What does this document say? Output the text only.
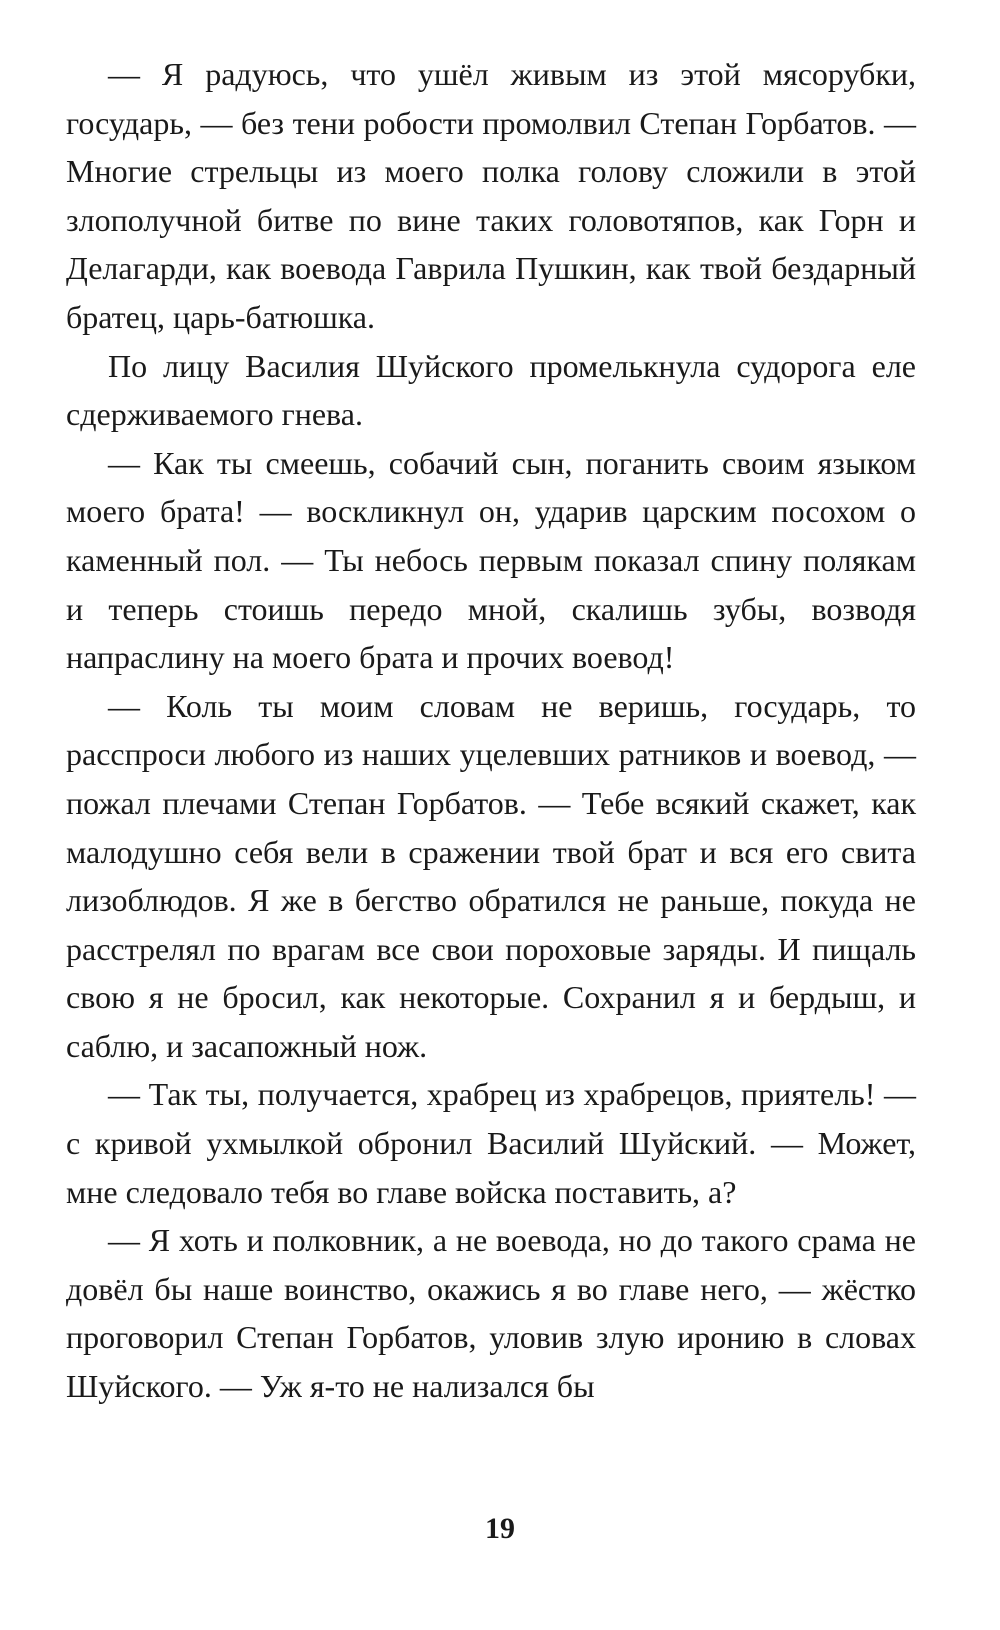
— Я радуюсь, что ушёл живым из этой мясорубки, государь, — без тени робости промолвил Степан Горбатов. — Многие стрельцы из моего полка голову сложили в этой злополучной битве по вине таких головотяпов, как Горн и Делагарди, как воевода Гаврила Пушкин, как твой бездарный братец, царь-батюшка.

По лицу Василия Шуйского промелькнула судорога еле сдерживаемого гнева.

— Как ты смеешь, собачий сын, поганить своим языком моего брата! — воскликнул он, ударив царским посохом о каменный пол. — Ты небось первым показал спину полякам и теперь стоишь передо мной, скалишь зубы, возводя напраслину на моего брата и прочих воевод!

— Коль ты моим словам не веришь, государь, то расспроси любого из наших уцелевших ратников и воевод, — пожал плечами Степан Горбатов. — Тебе всякий скажет, как малодушно себя вели в сражении твой брат и вся его свита лизоблюдов. Я же в бегство обратился не раньше, покуда не расстрелял по врагам все свои пороховые заряды. И пищаль свою я не бросил, как некоторые. Сохранил я и бердыш, и саблю, и засапожный нож.

— Так ты, получается, храбрец из храбрецов, приятель! — с кривой ухмылкой обронил Василий Шуйский. — Может, мне следовало тебя во главе войска поставить, а?

— Я хоть и полковник, а не воевода, но до такого срама не довёл бы наше воинство, окажись я во главе него, — жёстко проговорил Степан Горбатов, уловив злую иронию в словах Шуйского. — Уж я-то не нализался бы

19
